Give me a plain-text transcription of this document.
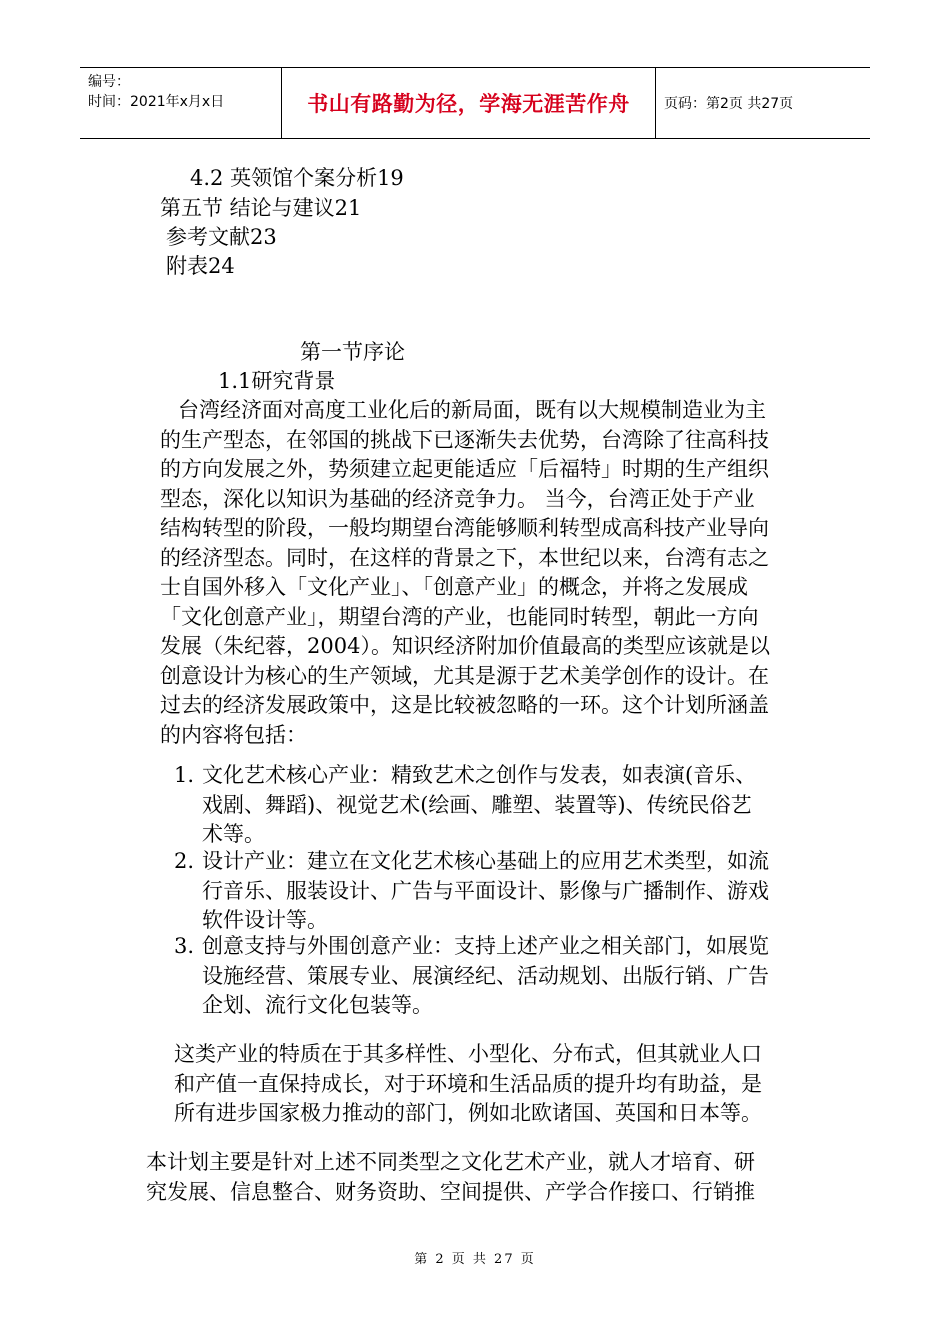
编号：
时间：2021年x月x日	书山有路勤为径，学海无涯苦作舟	页码：第2页 共27页
4.2 英领馆个案分析19
第五节 结论与建议21
参考文献23
附表24
第一节序论
1.1研究背景
台湾经济面对高度工业化后的新局面，既有以大规模制造业为主
的生产型态，在邻国的挑战下已逐渐失去优势，台湾除了往高科技
的方向发展之外，势须建立起更能适应「后福特」时期的生产组织
型态，深化以知识为基础的经济竞争力。 当今，台湾正处于产业
结构转型的阶段，一般均期望台湾能够顺利转型成高科技产业导向
的经济型态。同时，在这样的背景之下，本世纪以来，台湾有志之
士自国外移入「文化产业」、「创意产业」的概念，并将之发展成
「文化创意产业」，期望台湾的产业，也能同时转型，朝此一方向
发展（朱纪蓉，2004）。知识经济附加价值最高的类型应该就是以
创意设计为核心的生产领域，尤其是源于艺术美学创作的设计。在
过去的经济发展政策中，这是比较被忽略的一环。这个计划所涵盖
的内容将包括：
1. 文化艺术核心产业：精致艺术之创作与发表，如表演(音乐、
戏剧、舞蹈)、视觉艺术(绘画、雕塑、装置等)、传统民俗艺
术等。
2. 设计产业：建立在文化艺术核心基础上的应用艺术类型，如流
行音乐、服装设计、广告与平面设计、影像与广播制作、游戏
软件设计等。
3. 创意支持与外围创意产业：支持上述产业之相关部门，如展览
设施经营、策展专业、展演经纪、活动规划、出版行销、广告
企划、流行文化包装等。
这类产业的特质在于其多样性、小型化、分布式，但其就业人口
和产值一直保持成长，对于环境和生活品质的提升均有助益，是
所有进步国家极力推动的部门，例如北欧诸国、英国和日本等。
本计划主要是针对上述不同类型之文化艺术产业，就人才培育、研
究发展、信息整合、财务资助、空间提供、产学合作接口、行销推
第 2 页 共 27 页
